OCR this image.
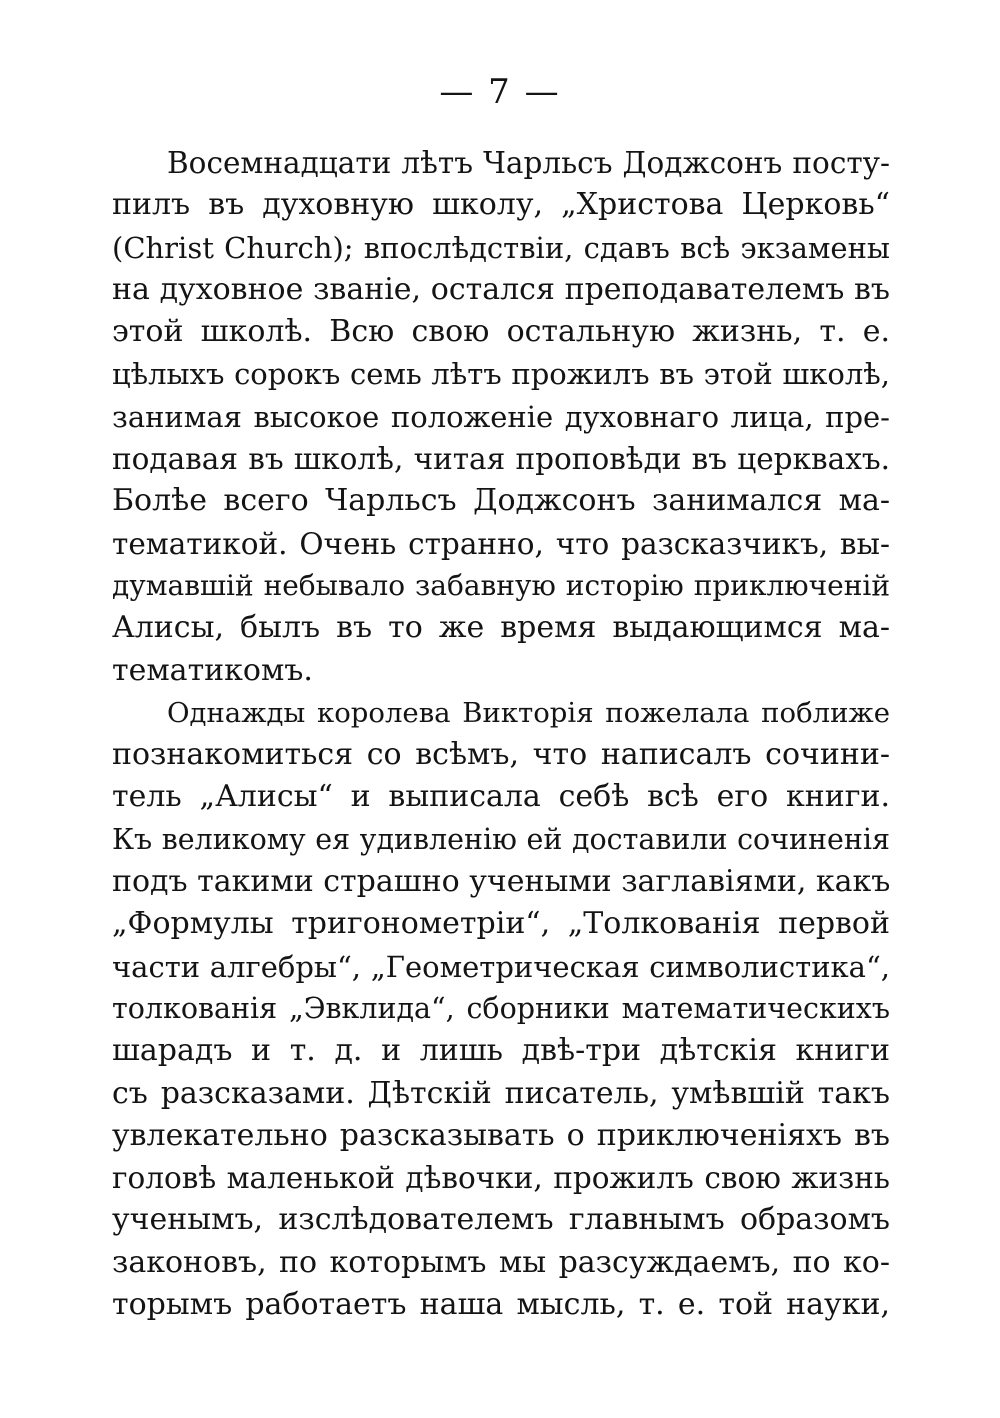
— 7 —
Восемнадцати лѣтъ Чарльсъ Доджсонъ посту-
пилъ въ духовную школу, „Христова Церковь“
(Christ Church); впослѣдствiи, сдавъ всѣ экзамены
на духовное званiе, остался преподавателемъ въ
этой школѣ. Всю свою остальную жизнь, т. е.
цѣлыхъ сорокъ семь лѣтъ прожилъ въ этой школѣ,
занимая высокое положенiе духовнаго лица, пре-
подавая въ школѣ, читая проповѣди въ церквахъ.
Болѣе всего Чарльсъ Доджсонъ занимался ма-
тематикой. Очень странно, что разсказчикъ, вы-
думавшiй небывало забавную исторiю приключенiй
Алисы, былъ въ то же время выдающимся ма-
тематикомъ.
Однажды королева Викторiя пожелала поближе
познакомиться со всѣмъ, что написалъ сочини-
тель „Алисы“ и выписала себѣ всѣ его книги.
Къ великому ея удивленiю ей доставили сочиненiя
подъ такими страшно учеными заглавiями, какъ
„Формулы тригонометрiи“, „Толкованiя первой
части алгебры“, „Геометрическая символистика“,
толкованiя „Эвклида“, сборники математическихъ
шарадъ и т. д. и лишь двѣ-три дѣтскiя книги
съ разсказами. Дѣтскiй писатель, умѣвшiй такъ
увлекательно разсказывать о приключенiяхъ въ
головѣ маленькой дѣвочки, прожилъ свою жизнь
ученымъ, изслѣдователемъ главнымъ образомъ
законовъ, по которымъ мы разсуждаемъ, по ко-
торымъ работаетъ наша мысль, т. е. той науки,
